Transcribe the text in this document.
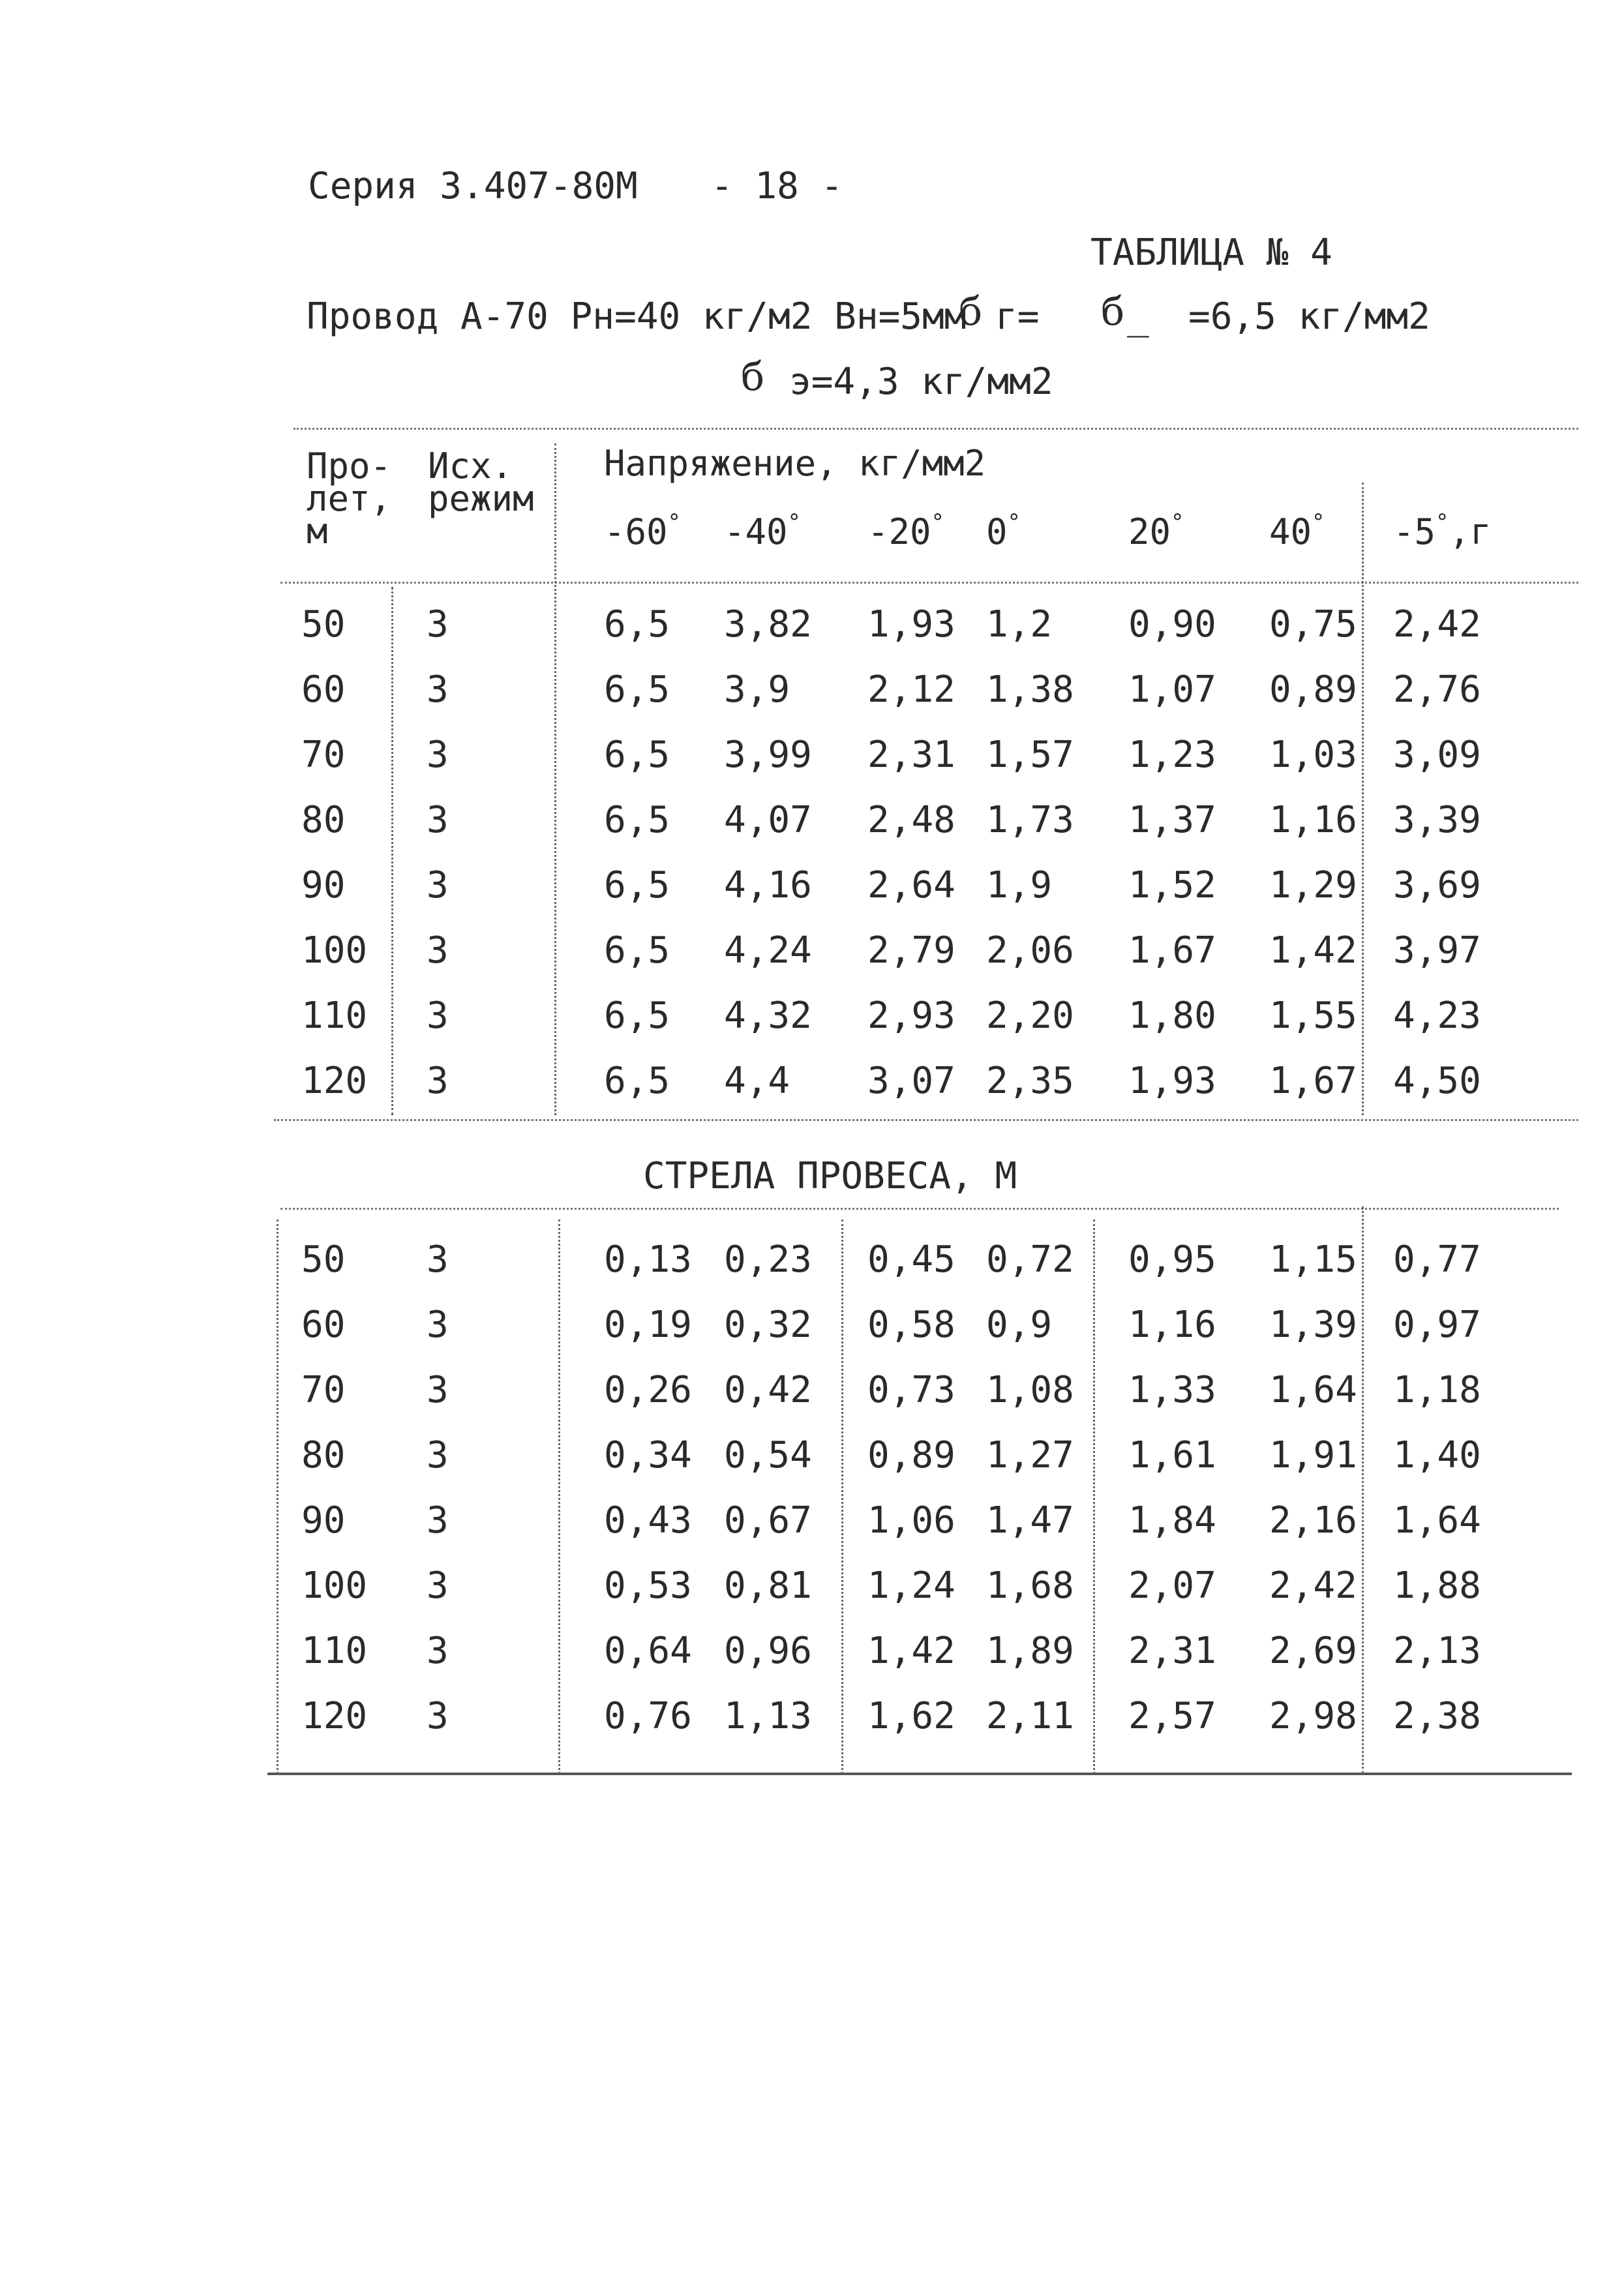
Серия 3.407-80М - 18 -
ТАБЛИЦА № 4
Провод А-70 Рн=40 кг/м2 Вн=5мм
б г= б _ =6,5 кг/мм2
б э=4,3 кг/мм2
Про-
лет,
м
Исх.
режим
Напряжение, кг/мм2
-60° -40° -20° 0°	20° 40° -5°,г
50 3	6,5 3,82 1,93 1,2 0,90 0,75 2,42
60 3	6,5 3,9 2,12 1,38 1,07 0,89 2,76
70 3	6,5 3,99 2,31 1,57 1,23 1,03 3,09
80 3	6,5 4,07 2,48 1,73 1,37 1,16 3,39
90 3	6,5 4,16 2,64 1,9 1,52 1,29 3,69
100 3	6,5 4,24 2,79 2,06 1,67 1,42 3,97
110 3	6,5 4,32 2,93 2,20 1,80 1,55 4,23
120 3	6,5 4,4 3,07 2,35 1,93 1,67 4,50
СТРЕЛА ПРОВЕСА, М
50 3	0,13 0,23 0,45 0,72 0,95 1,15 0,77
60 3	0,19 0,32 0,58 0,9 1,16 1,39 0,97
70 3	0,26 0,42 0,73 1,08 1,33 1,64 1,18
80 3	0,34 0,54 0,89 1,27 1,61 1,91 1,40
90 3	0,43 0,67 1,06 1,47 1,84 2,16 1,64
100 3	0,53 0,81 1,24 1,68 2,07 2,42 1,88
110 3	0,64 0,96 1,42 1,89 2,31 2,69 2,13
120 3	0,76 1,13 1,62 2,11 2,57 2,98 2,38
